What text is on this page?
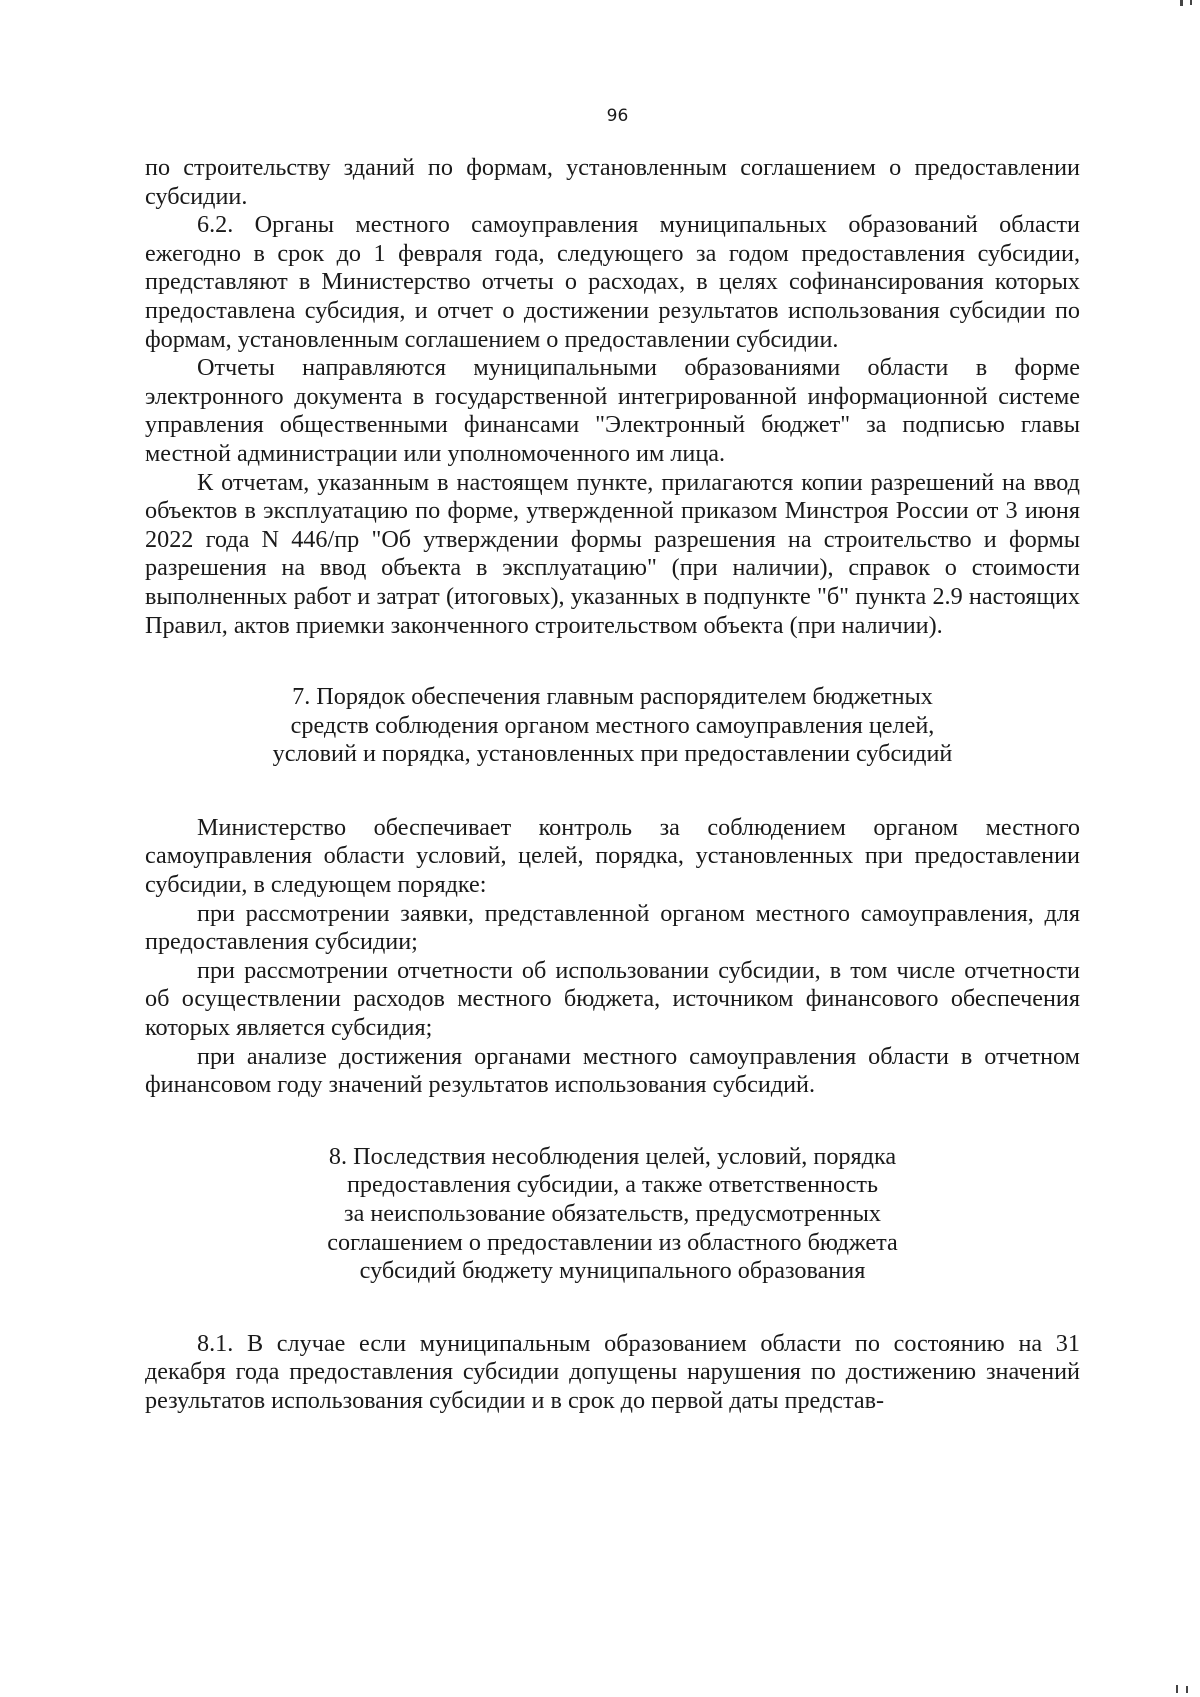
96

по строительству зданий по формам, установленным соглашением о предоставлении субсидии.

6.2. Органы местного самоуправления муниципальных образований области ежегодно в срок до 1 февраля года, следующего за годом предоставления субсидии, представляют в Министерство отчеты о расходах, в целях софинансирования которых предоставлена субсидия, и отчет о достижении результатов использования субсидии по формам, установленным соглашением о предоставлении субсидии.

Отчеты направляются муниципальными образованиями области в форме электронного документа в государственной интегрированной информационной системе управления общественными финансами "Электронный бюджет" за подписью главы местной администрации или уполномоченного им лица.

К отчетам, указанным в настоящем пункте, прилагаются копии разрешений на ввод объектов в эксплуатацию по форме, утвержденной приказом Минстроя России от 3 июня 2022 года N 446/пр "Об утверждении формы разрешения на строительство и формы разрешения на ввод объекта в эксплуатацию" (при наличии), справок о стоимости выполненных работ и затрат (итоговых), указанных в подпункте "б" пункта 2.9 настоящих Правил, актов приемки законченного строительством объекта (при наличии).

7. Порядок обеспечения главным распорядителем бюджетных
средств соблюдения органом местного самоуправления целей,
условий и порядка, установленных при предоставлении субсидий

Министерство обеспечивает контроль за соблюдением органом местного самоуправления области условий, целей, порядка, установленных при предоставлении субсидии, в следующем порядке:

при рассмотрении заявки, представленной органом местного самоуправления, для предоставления субсидии;

при рассмотрении отчетности об использовании субсидии, в том числе отчетности об осуществлении расходов местного бюджета, источником финансового обеспечения которых является субсидия;

при анализе достижения органами местного самоуправления области в отчетном финансовом году значений результатов использования субсидий.

8. Последствия несоблюдения целей, условий, порядка
предоставления субсидии, а также ответственность
за неиспользование обязательств, предусмотренных
соглашением о предоставлении из областного бюджета
субсидий бюджету муниципального образования

8.1. В случае если муниципальным образованием области по состоянию на 31 декабря года предоставления субсидии допущены нарушения по достижению значений результатов использования субсидии и в срок до первой даты представ-
